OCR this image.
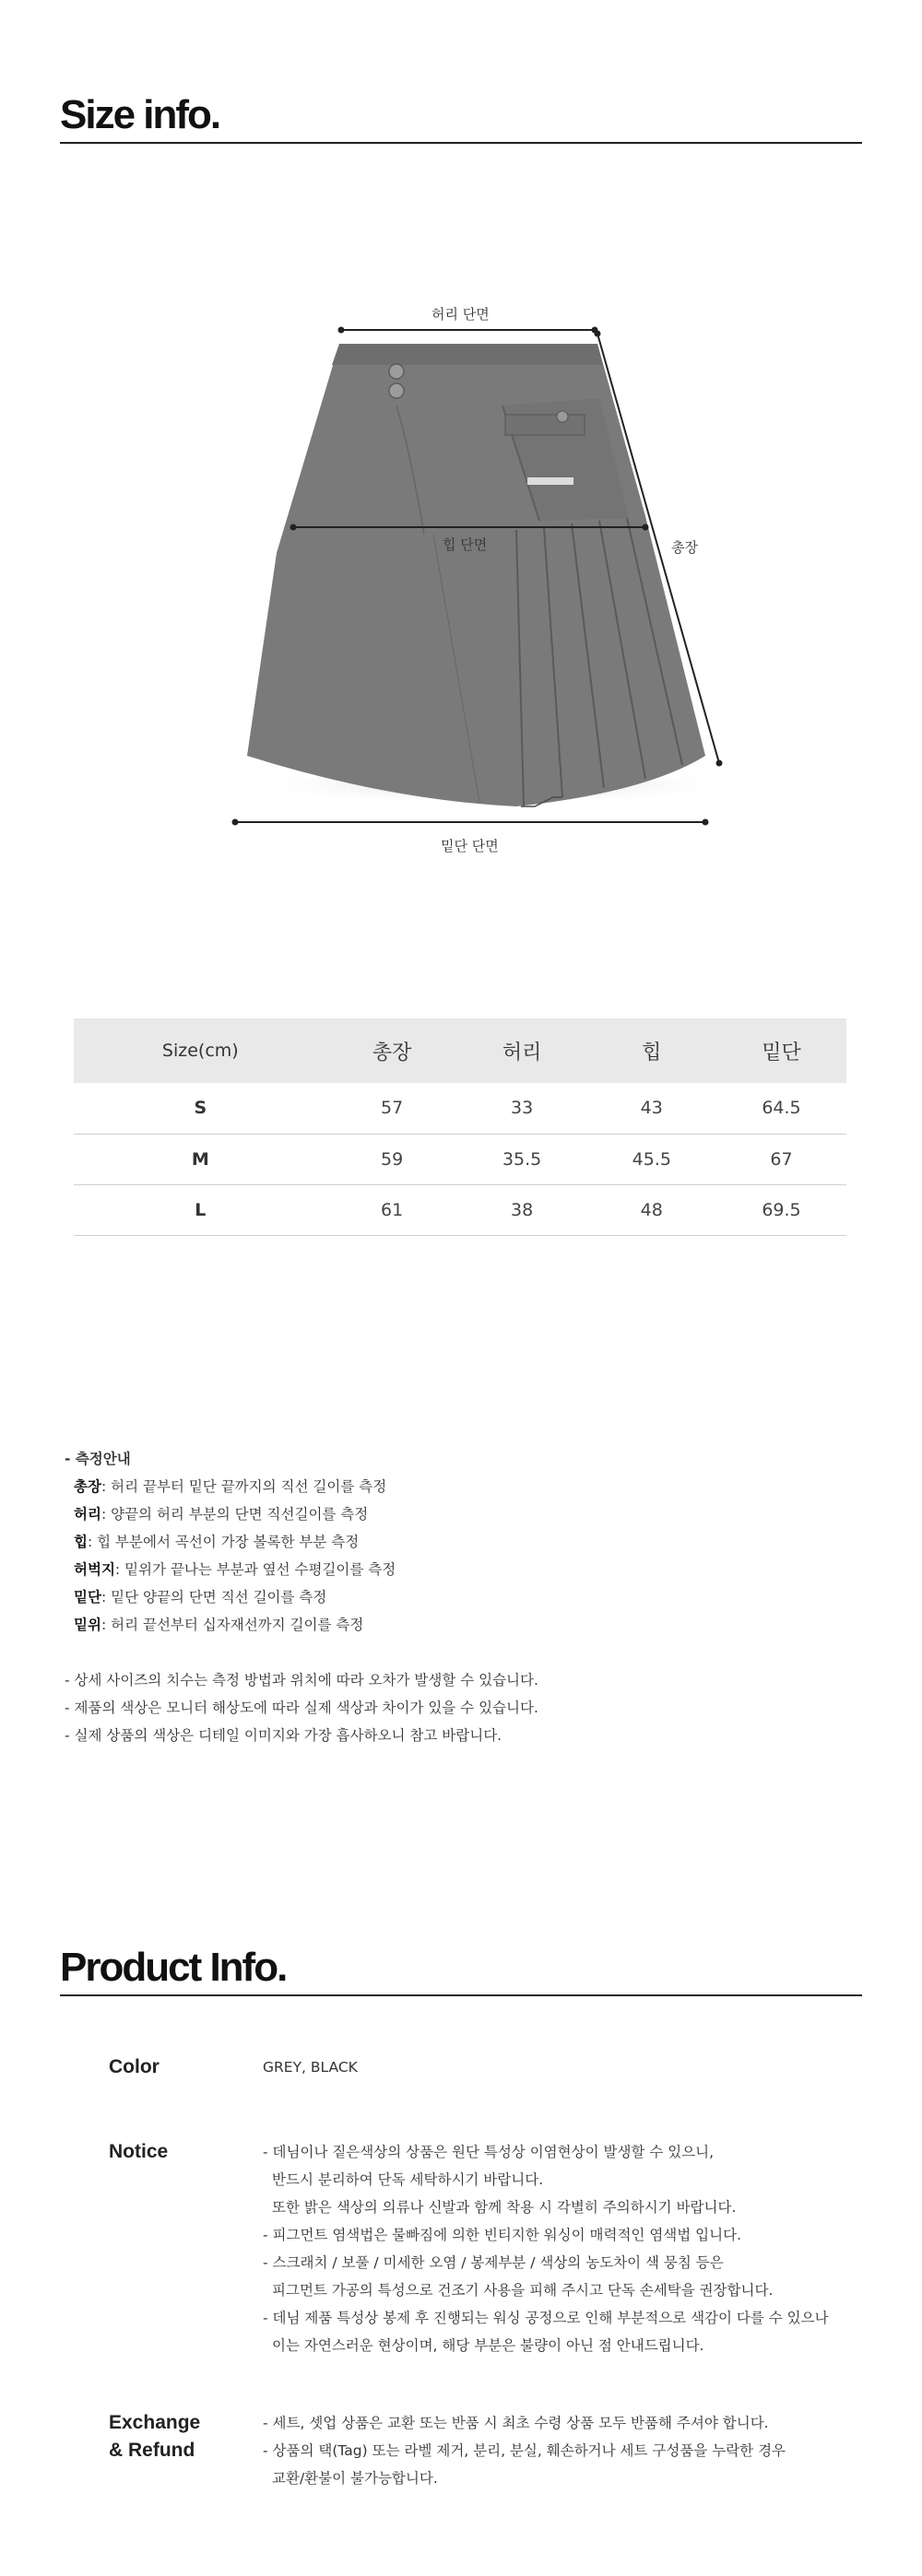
Size info.
허리 단면
힙 단면	총장
밑단 단면
Size(cm)	총장	허리	힙	밑단
S	57	33	43	64.5
M	59	35.5	45.5	67
L	61	38	48	69.5
- 측정안내
총장: 허리 끝부터 밑단 끝까지의 직선 길이를 측정
허리: 양끝의 허리 부분의 단면 직선길이를 측정
힙: 힙 부분에서 곡선이 가장 볼록한 부분 측정
허벅지: 밑위가 끝나는 부분과 옆선 수평길이를 측정
밑단: 밑단 양끝의 단면 직선 길이를 측정
밑위: 허리 끝선부터 십자재선까지 길이를 측정
- 상세 사이즈의 치수는 측정 방법과 위치에 따라 오차가 발생할 수 있습니다.
- 제품의 색상은 모니터 해상도에 따라 실제 색상과 차이가 있을 수 있습니다.
- 실제 상품의 색상은 디테일 이미지와 가장 흡사하오니 참고 바랍니다.
Product Info.
Color	GREY, BLACK
Notice	- 데님이나 짙은색상의 상품은 원단 특성상 이염현상이 발생할 수 있으니,
반드시 분리하여 단독 세탁하시기 바랍니다.
또한 밝은 색상의 의류나 신발과 함께 착용 시 각별히 주의하시기 바랍니다.
- 피그먼트 염색법은 물빠짐에 의한 빈티지한 워싱이 매력적인 염색법 입니다.
- 스크래치 / 보풀 / 미세한 오염 / 봉제부분 / 색상의 농도차이 색 뭉침 등은
피그먼트 가공의 특성으로 건조기 사용을 피해 주시고 단독 손세탁을 권장합니다.
- 데님 제품 특성상 봉제 후 진행되는 워싱 공정으로 인해 부분적으로 색감이 다를 수 있으나
이는 자연스러운 현상이며, 해당 부분은 불량이 아닌 점 안내드립니다.
Exchange
& Refund
- 세트, 셋업 상품은 교환 또는 반품 시 최초 수령 상품 모두 반품해 주셔야 합니다.
- 상품의 택(Tag) 또는 라벨 제거, 분리, 분실, 훼손하거나 세트 구성품을 누락한 경우
교환/환불이 불가능합니다.
